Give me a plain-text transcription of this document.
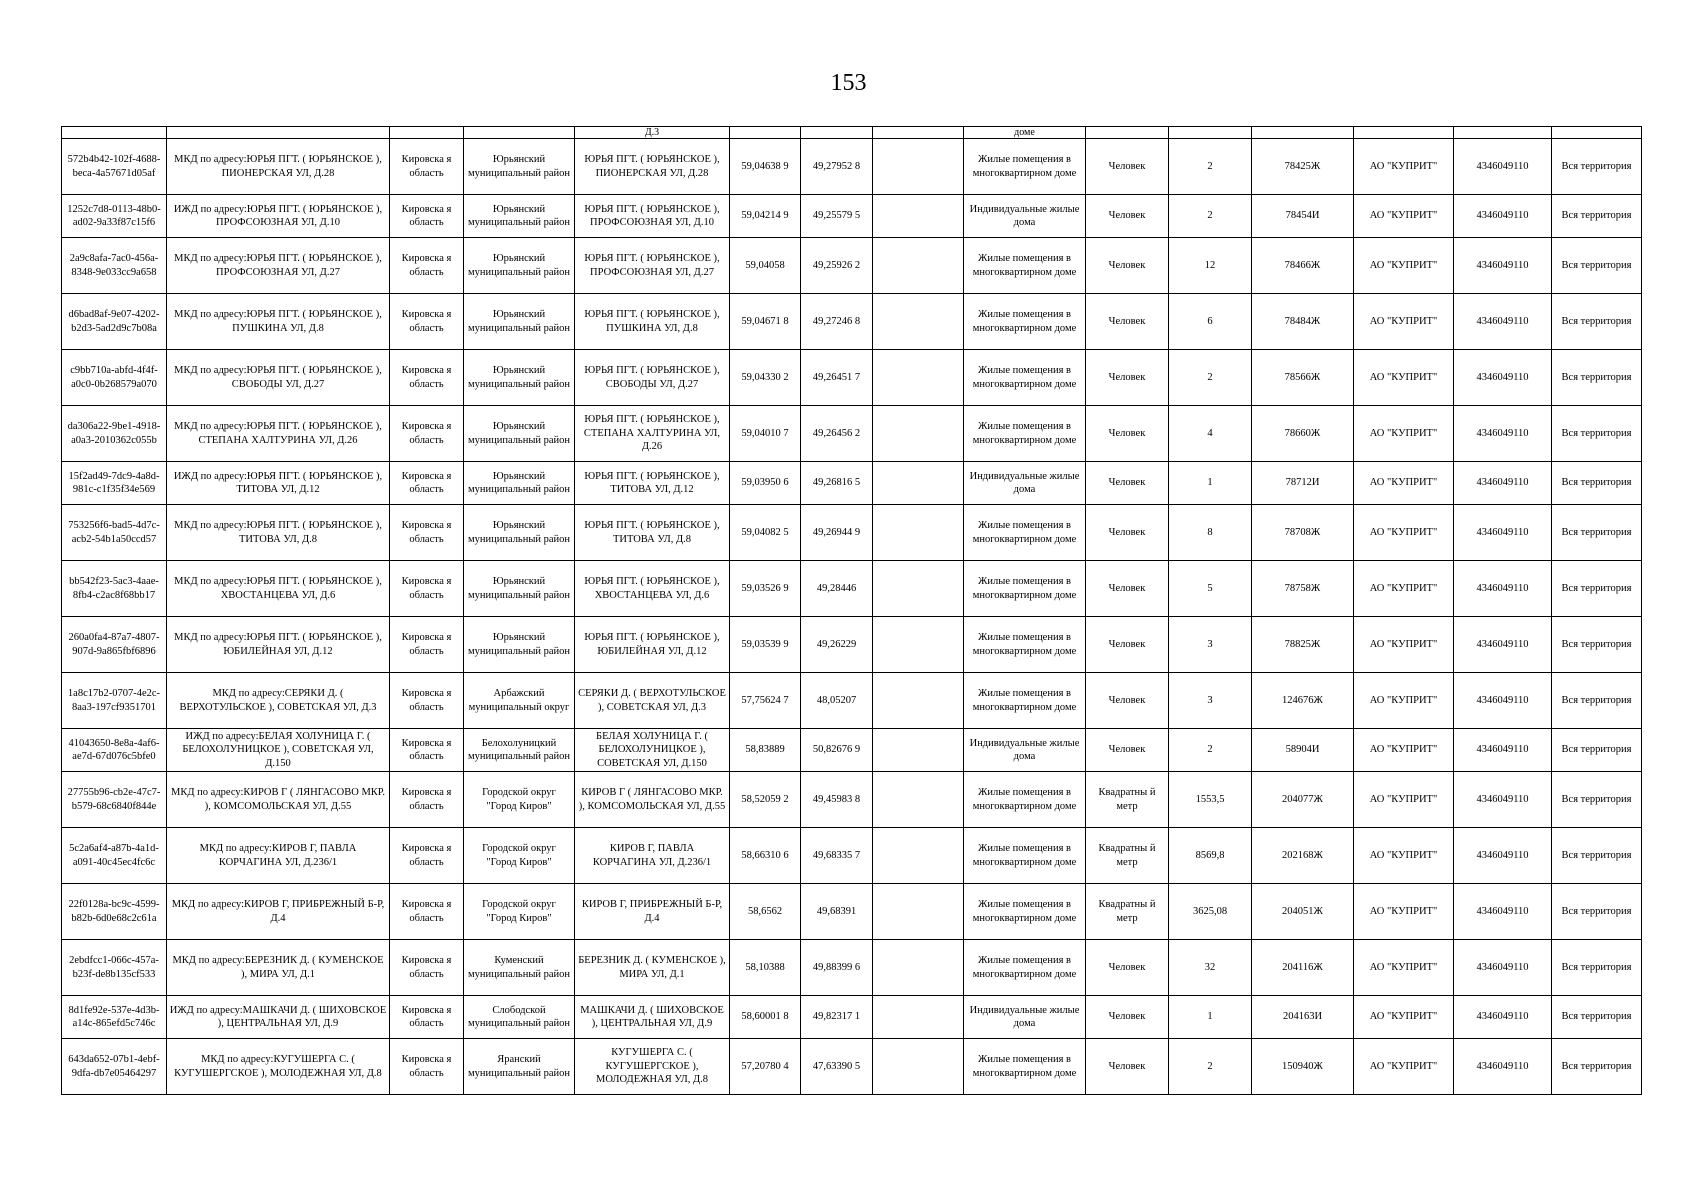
153
				Д.3				доме						
572b4b42-102f-4688-beca-4a57671d05af	МКД по адресу:ЮРЬЯ ПГТ. ( ЮРЬЯНСКОЕ ), ПИОНЕРСКАЯ УЛ, Д.28	Кировска я область	Юрьянский муниципальный район	ЮРЬЯ ПГТ. ( ЮРЬЯНСКОЕ ), ПИОНЕРСКАЯ УЛ, Д.28	59,04638 9	49,27952 8		Жилые помещения в многоквартирном доме	Человек	2	78425Ж	АО "КУПРИТ"	4346049110	Вся территория
1252c7d8-0113-48b0-ad02-9a33f87c15f6	ИЖД по адресу:ЮРЬЯ ПГТ. ( ЮРЬЯНСКОЕ ), ПРОФСОЮЗНАЯ УЛ, Д.10	Кировска я область	Юрьянский муниципальный район	ЮРЬЯ ПГТ. ( ЮРЬЯНСКОЕ ), ПРОФСОЮЗНАЯ УЛ, Д.10	59,04214 9	49,25579 5		Индивидуальные жилые дома	Человек	2	78454И	АО "КУПРИТ"	4346049110	Вся территория
2a9c8afa-7ac0-456a-8348-9e033cc9a658	МКД по адресу:ЮРЬЯ ПГТ. ( ЮРЬЯНСКОЕ ), ПРОФСОЮЗНАЯ УЛ, Д.27	Кировска я область	Юрьянский муниципальный район	ЮРЬЯ ПГТ. ( ЮРЬЯНСКОЕ ), ПРОФСОЮЗНАЯ УЛ, Д.27	59,04058	49,25926 2		Жилые помещения в многоквартирном доме	Человек	12	78466Ж	АО "КУПРИТ"	4346049110	Вся территория
d6bad8af-9e07-4202-b2d3-5ad2d9c7b08a	МКД по адресу:ЮРЬЯ ПГТ. ( ЮРЬЯНСКОЕ ), ПУШКИНА УЛ, Д.8	Кировска я область	Юрьянский муниципальный район	ЮРЬЯ ПГТ. ( ЮРЬЯНСКОЕ ), ПУШКИНА УЛ, Д.8	59,04671 8	49,27246 8		Жилые помещения в многоквартирном доме	Человек	6	78484Ж	АО "КУПРИТ"	4346049110	Вся территория
c9bb710a-abfd-4f4f-a0c0-0b268579a070	МКД по адресу:ЮРЬЯ ПГТ. ( ЮРЬЯНСКОЕ ), СВОБОДЫ УЛ, Д.27	Кировска я область	Юрьянский муниципальный район	ЮРЬЯ ПГТ. ( ЮРЬЯНСКОЕ ), СВОБОДЫ УЛ, Д.27	59,04330 2	49,26451 7		Жилые помещения в многоквартирном доме	Человек	2	78566Ж	АО "КУПРИТ"	4346049110	Вся территория
da306a22-9be1-4918-a0a3-2010362c055b	МКД по адресу:ЮРЬЯ ПГТ. ( ЮРЬЯНСКОЕ ), СТЕПАНА ХАЛТУРИНА УЛ, Д.26	Кировска я область	Юрьянский муниципальный район	ЮРЬЯ ПГТ. ( ЮРЬЯНСКОЕ ), СТЕПАНА ХАЛТУРИНА УЛ, Д.26	59,04010 7	49,26456 2		Жилые помещения в многоквартирном доме	Человек	4	78660Ж	АО "КУПРИТ"	4346049110	Вся территория
15f2ad49-7dc9-4a8d-981c-c1f35f34e569	ИЖД по адресу:ЮРЬЯ ПГТ. ( ЮРЬЯНСКОЕ ), ТИТОВА УЛ, Д.12	Кировска я область	Юрьянский муниципальный район	ЮРЬЯ ПГТ. ( ЮРЬЯНСКОЕ ), ТИТОВА УЛ, Д.12	59,03950 6	49,26816 5		Индивидуальные жилые дома	Человек	1	78712И	АО "КУПРИТ"	4346049110	Вся территория
753256f6-bad5-4d7c-acb2-54b1a50ccd57	МКД по адресу:ЮРЬЯ ПГТ. ( ЮРЬЯНСКОЕ ), ТИТОВА УЛ, Д.8	Кировска я область	Юрьянский муниципальный район	ЮРЬЯ ПГТ. ( ЮРЬЯНСКОЕ ), ТИТОВА УЛ, Д.8	59,04082 5	49,26944 9		Жилые помещения в многоквартирном доме	Человек	8	78708Ж	АО "КУПРИТ"	4346049110	Вся территория
bb542f23-5ac3-4aae-8fb4-c2ac8f68bb17	МКД по адресу:ЮРЬЯ ПГТ. ( ЮРЬЯНСКОЕ ), ХВОСТАНЦЕВА УЛ, Д.6	Кировска я область	Юрьянский муниципальный район	ЮРЬЯ ПГТ. ( ЮРЬЯНСКОЕ ), ХВОСТАНЦЕВА УЛ, Д.6	59,03526 9	49,28446		Жилые помещения в многоквартирном доме	Человек	5	78758Ж	АО "КУПРИТ"	4346049110	Вся территория
260a0fa4-87a7-4807-907d-9a865fbf6896	МКД по адресу:ЮРЬЯ ПГТ. ( ЮРЬЯНСКОЕ ), ЮБИЛЕЙНАЯ УЛ, Д.12	Кировска я область	Юрьянский муниципальный район	ЮРЬЯ ПГТ. ( ЮРЬЯНСКОЕ ), ЮБИЛЕЙНАЯ УЛ, Д.12	59,03539 9	49,26229		Жилые помещения в многоквартирном доме	Человек	3	78825Ж	АО "КУПРИТ"	4346049110	Вся территория
1a8c17b2-0707-4e2c-8aa3-197cf9351701	МКД по адресу:СЕРЯКИ Д. ( ВЕРХОТУЛЬСКОЕ ), СОВЕТСКАЯ УЛ, Д.3	Кировска я область	Арбажский муниципальный округ	СЕРЯКИ Д. ( ВЕРХОТУЛЬСКОЕ ), СОВЕТСКАЯ УЛ, Д.3	57,75624 7	48,05207		Жилые помещения в многоквартирном доме	Человек	3	124676Ж	АО "КУПРИТ"	4346049110	Вся территория
41043650-8e8a-4af6-ae7d-67d076c5bfe0	ИЖД по адресу:БЕЛАЯ ХОЛУНИЦА Г. ( БЕЛОХОЛУНИЦКОЕ ), СОВЕТСКАЯ УЛ, Д.150	Кировска я область	Белохолуницкий муниципальный район	БЕЛАЯ ХОЛУНИЦА Г. ( БЕЛОХОЛУНИЦКОЕ ), СОВЕТСКАЯ УЛ, Д.150	58,83889	50,82676 9		Индивидуальные жилые дома	Человек	2	58904И	АО "КУПРИТ"	4346049110	Вся территория
27755b96-cb2e-47c7-b579-68c6840f844e	МКД по адресу:КИРОВ Г ( ЛЯНГАСОВО МКР. ), КОМСОМОЛЬСКАЯ УЛ, Д.55	Кировска я область	Городской округ "Город Киров"	КИРОВ Г ( ЛЯНГАСОВО МКР. ), КОМСОМОЛЬСКАЯ УЛ, Д.55	58,52059 2	49,45983 8		Жилые помещения в многоквартирном доме	Квадратны й метр	1553,5	204077Ж	АО "КУПРИТ"	4346049110	Вся территория
5c2a6af4-a87b-4a1d-a091-40c45ec4fc6c	МКД по адресу:КИРОВ Г, ПАВЛА КОРЧАГИНА УЛ, Д.236/1	Кировска я область	Городской округ "Город Киров"	КИРОВ Г, ПАВЛА КОРЧАГИНА УЛ, Д.236/1	58,66310 6	49,68335 7		Жилые помещения в многоквартирном доме	Квадратны й метр	8569,8	202168Ж	АО "КУПРИТ"	4346049110	Вся территория
22f0128a-bc9c-4599-b82b-6d0e68c2c61a	МКД по адресу:КИРОВ Г, ПРИБРЕЖНЫЙ Б-Р, Д.4	Кировска я область	Городской округ "Город Киров"	КИРОВ Г, ПРИБРЕЖНЫЙ Б-Р, Д.4	58,6562	49,68391		Жилые помещения в многоквартирном доме	Квадратны й метр	3625,08	204051Ж	АО "КУПРИТ"	4346049110	Вся территория
2ebdfcc1-066c-457a-b23f-de8b135cf533	МКД по адресу:БЕРЕЗНИК Д. ( КУМЕНСКОЕ ), МИРА УЛ, Д.1	Кировска я область	Куменский муниципальный район	БЕРЕЗНИК Д. ( КУМЕНСКОЕ ), МИРА УЛ, Д.1	58,10388	49,88399 6		Жилые помещения в многоквартирном доме	Человек	32	204116Ж	АО "КУПРИТ"	4346049110	Вся территория
8d1fe92e-537e-4d3b-a14c-865efd5c746c	ИЖД по адресу:МАШКАЧИ Д. ( ШИХОВСКОЕ ), ЦЕНТРАЛЬНАЯ УЛ, Д.9	Кировска я область	Слободской муниципальный район	МАШКАЧИ Д. ( ШИХОВСКОЕ ), ЦЕНТРАЛЬНАЯ УЛ, Д.9	58,60001 8	49,82317 1		Индивидуальные жилые дома	Человек	1	204163И	АО "КУПРИТ"	4346049110	Вся территория
643da652-07b1-4ebf-9dfa-db7e05464297	МКД по адресу:КУГУШЕРГА С. ( КУГУШЕРГСКОЕ ), МОЛОДЕЖНАЯ УЛ, Д.8	Кировска я область	Яранский муниципальный район	КУГУШЕРГА С. ( КУГУШЕРГСКОЕ ), МОЛОДЕЖНАЯ УЛ, Д.8	57,20780 4	47,63390 5		Жилые помещения в многоквартирном доме	Человек	2	150940Ж	АО "КУПРИТ"	4346049110	Вся территория
